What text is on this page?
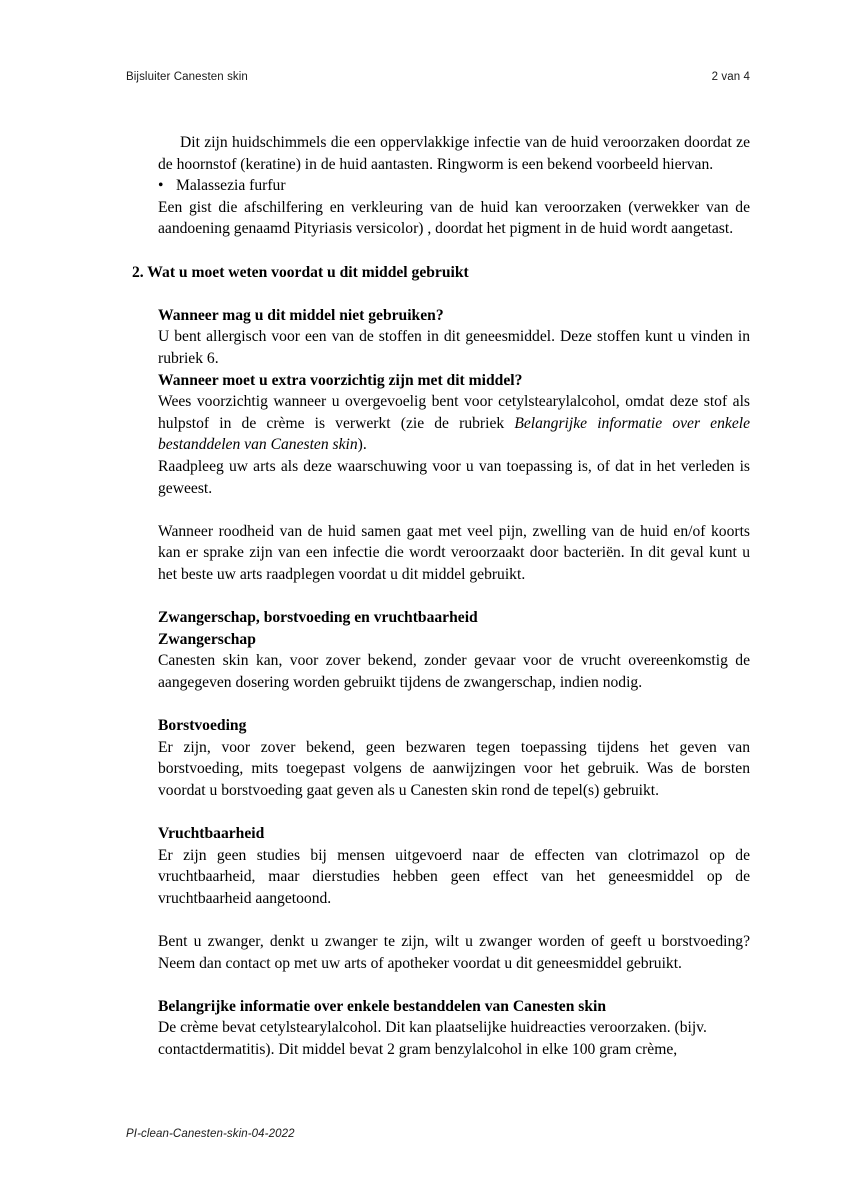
Bijsluiter Canesten skin	2 van 4

Dit zijn huidschimmels die een oppervlakkige infectie van de huid veroorzaken doordat ze de hoornstof (keratine) in de huid aantasten. Ringworm is een bekend voorbeeld hiervan.

• Malassezia furfur

Een gist die afschilfering en verkleuring van de huid kan veroorzaken (verwekker van de aandoening genaamd Pityriasis versicolor) , doordat het pigment in de huid wordt aangetast.

2. Wat u moet weten voordat u dit middel gebruikt

Wanneer mag u dit middel niet gebruiken?

U bent allergisch voor een van de stoffen in dit geneesmiddel. Deze stoffen kunt u vinden in rubriek 6.

Wanneer moet u extra voorzichtig zijn met dit middel?

Wees voorzichtig wanneer u overgevoelig bent voor cetylstearylalcohol, omdat deze stof als hulpstof in de crème is verwerkt (zie de rubriek Belangrijke informatie over enkele bestanddelen van Canesten skin).

Raadpleeg uw arts als deze waarschuwing voor u van toepassing is, of dat in het verleden is geweest.

Wanneer roodheid van de huid samen gaat met veel pijn, zwelling van de huid en/of koorts kan er sprake zijn van een infectie die wordt veroorzaakt door bacteriën. In dit geval kunt u het beste uw arts raadplegen voordat u dit middel gebruikt.

Zwangerschap, borstvoeding en vruchtbaarheid

Zwangerschap

Canesten skin kan, voor zover bekend, zonder gevaar voor de vrucht overeenkomstig de aangegeven dosering worden gebruikt tijdens de zwangerschap, indien nodig.

Borstvoeding

Er zijn, voor zover bekend, geen bezwaren tegen toepassing tijdens het geven van borstvoeding, mits toegepast volgens de aanwijzingen voor het gebruik. Was de borsten voordat u borstvoeding gaat geven als u Canesten skin rond de tepel(s) gebruikt.

Vruchtbaarheid

Er zijn geen studies bij mensen uitgevoerd naar de effecten van clotrimazol op de vruchtbaarheid, maar dierstudies hebben geen effect van het geneesmiddel op de vruchtbaarheid aangetoond.

Bent u zwanger, denkt u zwanger te zijn, wilt u zwanger worden of geeft u borstvoeding? Neem dan contact op met uw arts of apotheker voordat u dit geneesmiddel gebruikt.

Belangrijke informatie over enkele bestanddelen van Canesten skin

De crème bevat cetylstearylalcohol. Dit kan plaatselijke huidreacties veroorzaken. (bijv. contactdermatitis). Dit middel bevat 2 gram benzylalcohol in elke 100 gram crème,

PI-clean-Canesten-skin-04-2022
